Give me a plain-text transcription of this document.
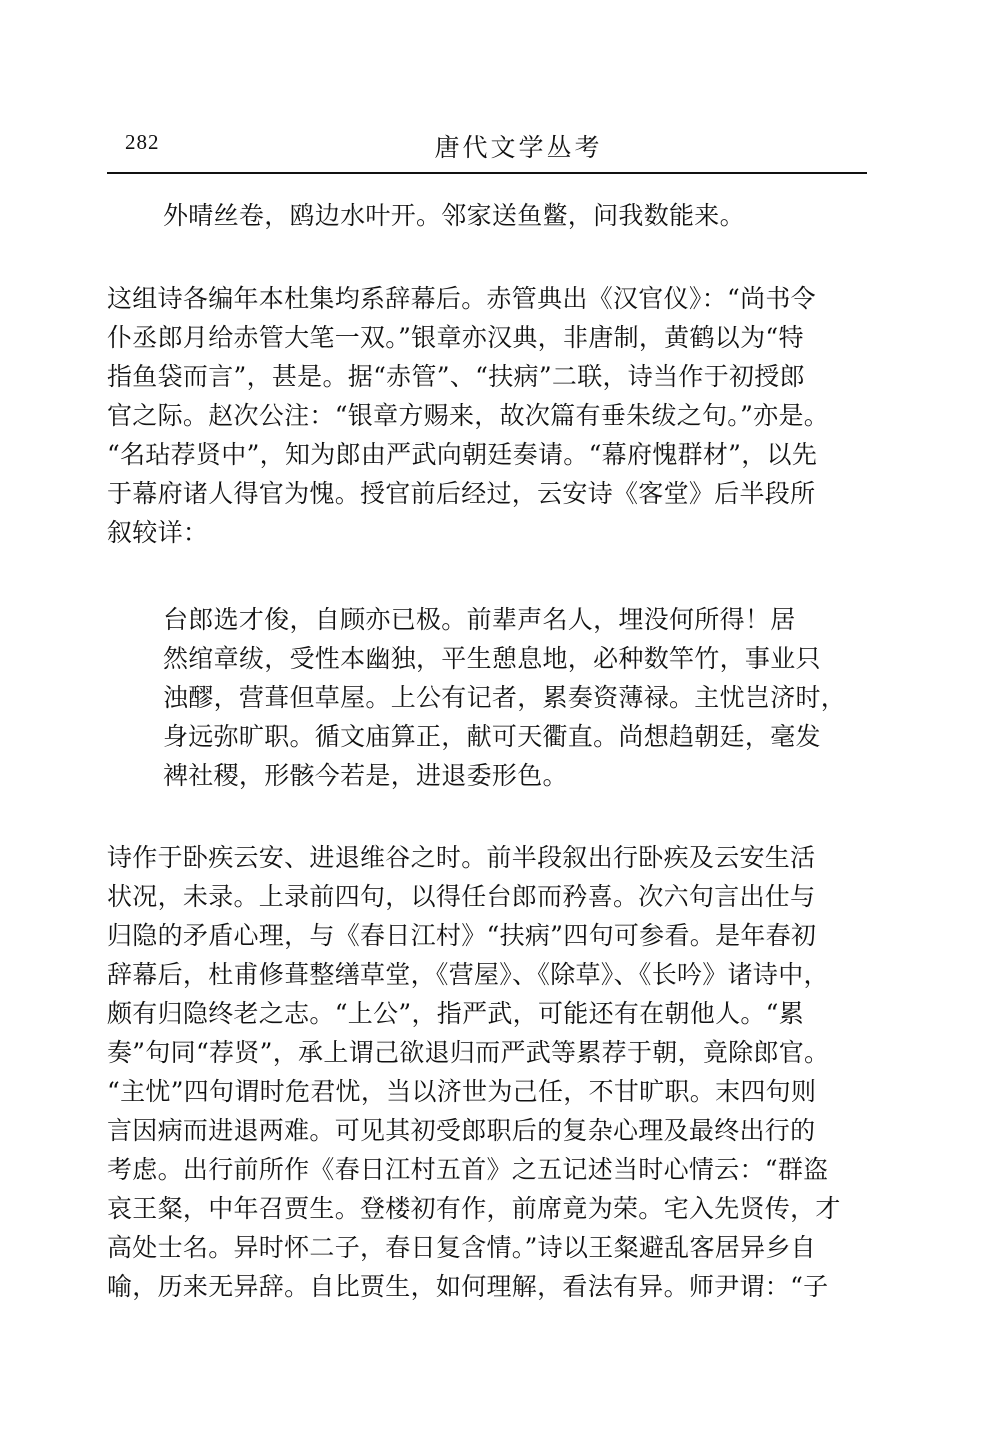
282	唐代文学丛考
外晴丝卷，鸥边水叶开。邻家送鱼鳖，问我数能来。
这组诗各编年本杜集均系辞幕后。赤管典出《汉官仪》：“尚书令
仆丞郎月给赤管大笔一双。”银章亦汉典，非唐制，黄鹤以为“特
指鱼袋而言”，甚是。据“赤管”、“扶病”二联，诗当作于初授郎
官之际。赵次公注：“银章方赐来，故次篇有垂朱绂之句。”亦是。
“名玷荐贤中”，知为郎由严武向朝廷奏请。“幕府愧群材”，以先
于幕府诸人得官为愧。授官前后经过，云安诗《客堂》后半段所
叙较详：
台郎选才俊，自顾亦已极。前辈声名人，埋没何所得！居
然绾章绂，受性本幽独，平生憩息地，必种数竿竹，事业只
浊醪，营葺但草屋。上公有记者，累奏资薄禄。主忧岂济时，
身远弥旷职。循文庙算正，献可天衢直。尚想趋朝廷，毫发
裨社稷，形骸今若是，进退委形色。
诗作于卧疾云安、进退维谷之时。前半段叙出行卧疾及云安生活
状况，未录。上录前四句，以得任台郎而矜喜。次六句言出仕与
归隐的矛盾心理，与《春日江村》“扶病”四句可参看。是年春初
辞幕后，杜甫修葺整缮草堂，《营屋》、《除草》、《长吟》诸诗中，
颇有归隐终老之志。“上公”，指严武，可能还有在朝他人。“累
奏”句同“荐贤”，承上谓己欲退归而严武等累荐于朝，竟除郎官。
“主忧”四句谓时危君忧，当以济世为己任，不甘旷职。末四句则
言因病而进退两难。可见其初受郎职后的复杂心理及最终出行的
考虑。出行前所作《春日江村五首》之五记述当时心情云：“群盗
哀王粲，中年召贾生。登楼初有作，前席竟为荣。宅入先贤传，才
高处士名。异时怀二子，春日复含情。”诗以王粲避乱客居异乡自
喻，历来无异辞。自比贾生，如何理解，看法有异。师尹谓：“子
